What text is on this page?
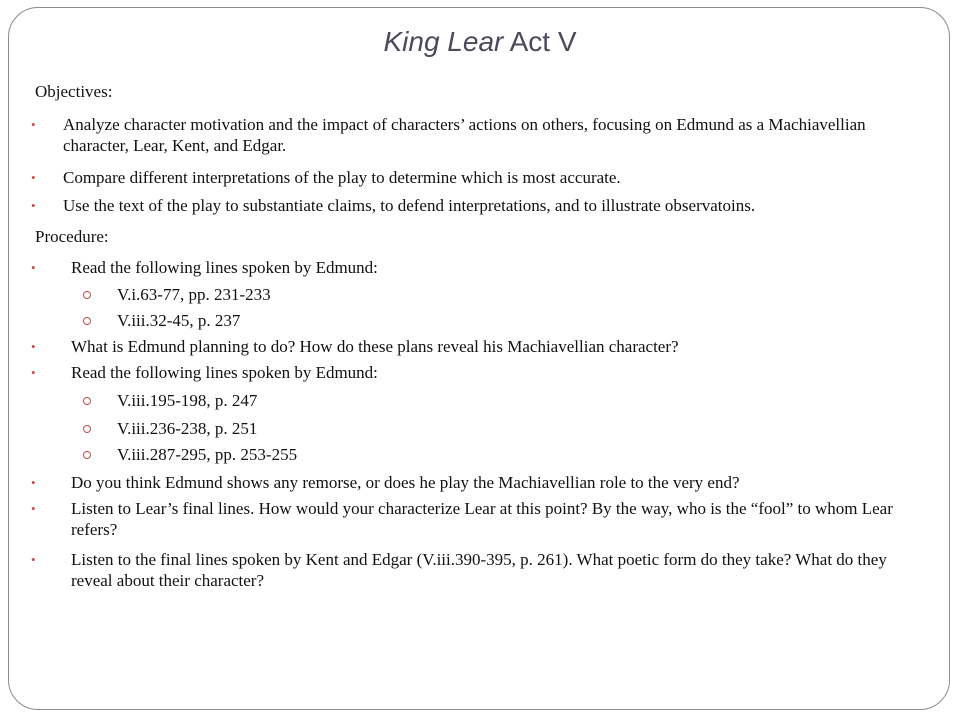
King Lear Act V
Objectives:
• Analyze character motivation and the impact of characters’ actions on others, focusing on Edmund as a Machiavellian character, Lear, Kent, and Edgar.
• Compare different interpretations of the play to determine which is most accurate.
• Use the text of the play to substantiate claims, to defend interpretations, and to illustrate observatoins.
Procedure:
• Read the following lines spoken by Edmund:
V.i.63-77, pp. 231-233
V.iii.32-45, p. 237
• What is Edmund planning to do? How do these plans reveal his Machiavellian character?
• Read the following lines spoken by Edmund:
V.iii.195-198, p. 247
V.iii.236-238, p. 251
V.iii.287-295, pp. 253-255
• Do you think Edmund shows any remorse, or does he play the Machiavellian role to the very end?
• Listen to Lear’s final lines. How would your characterize Lear at this point? By the way, who is the “fool” to whom Lear refers?
• Listen to the final lines spoken by Kent and Edgar (V.iii.390-395, p. 261). What poetic form do they take? What do they reveal about their character?
